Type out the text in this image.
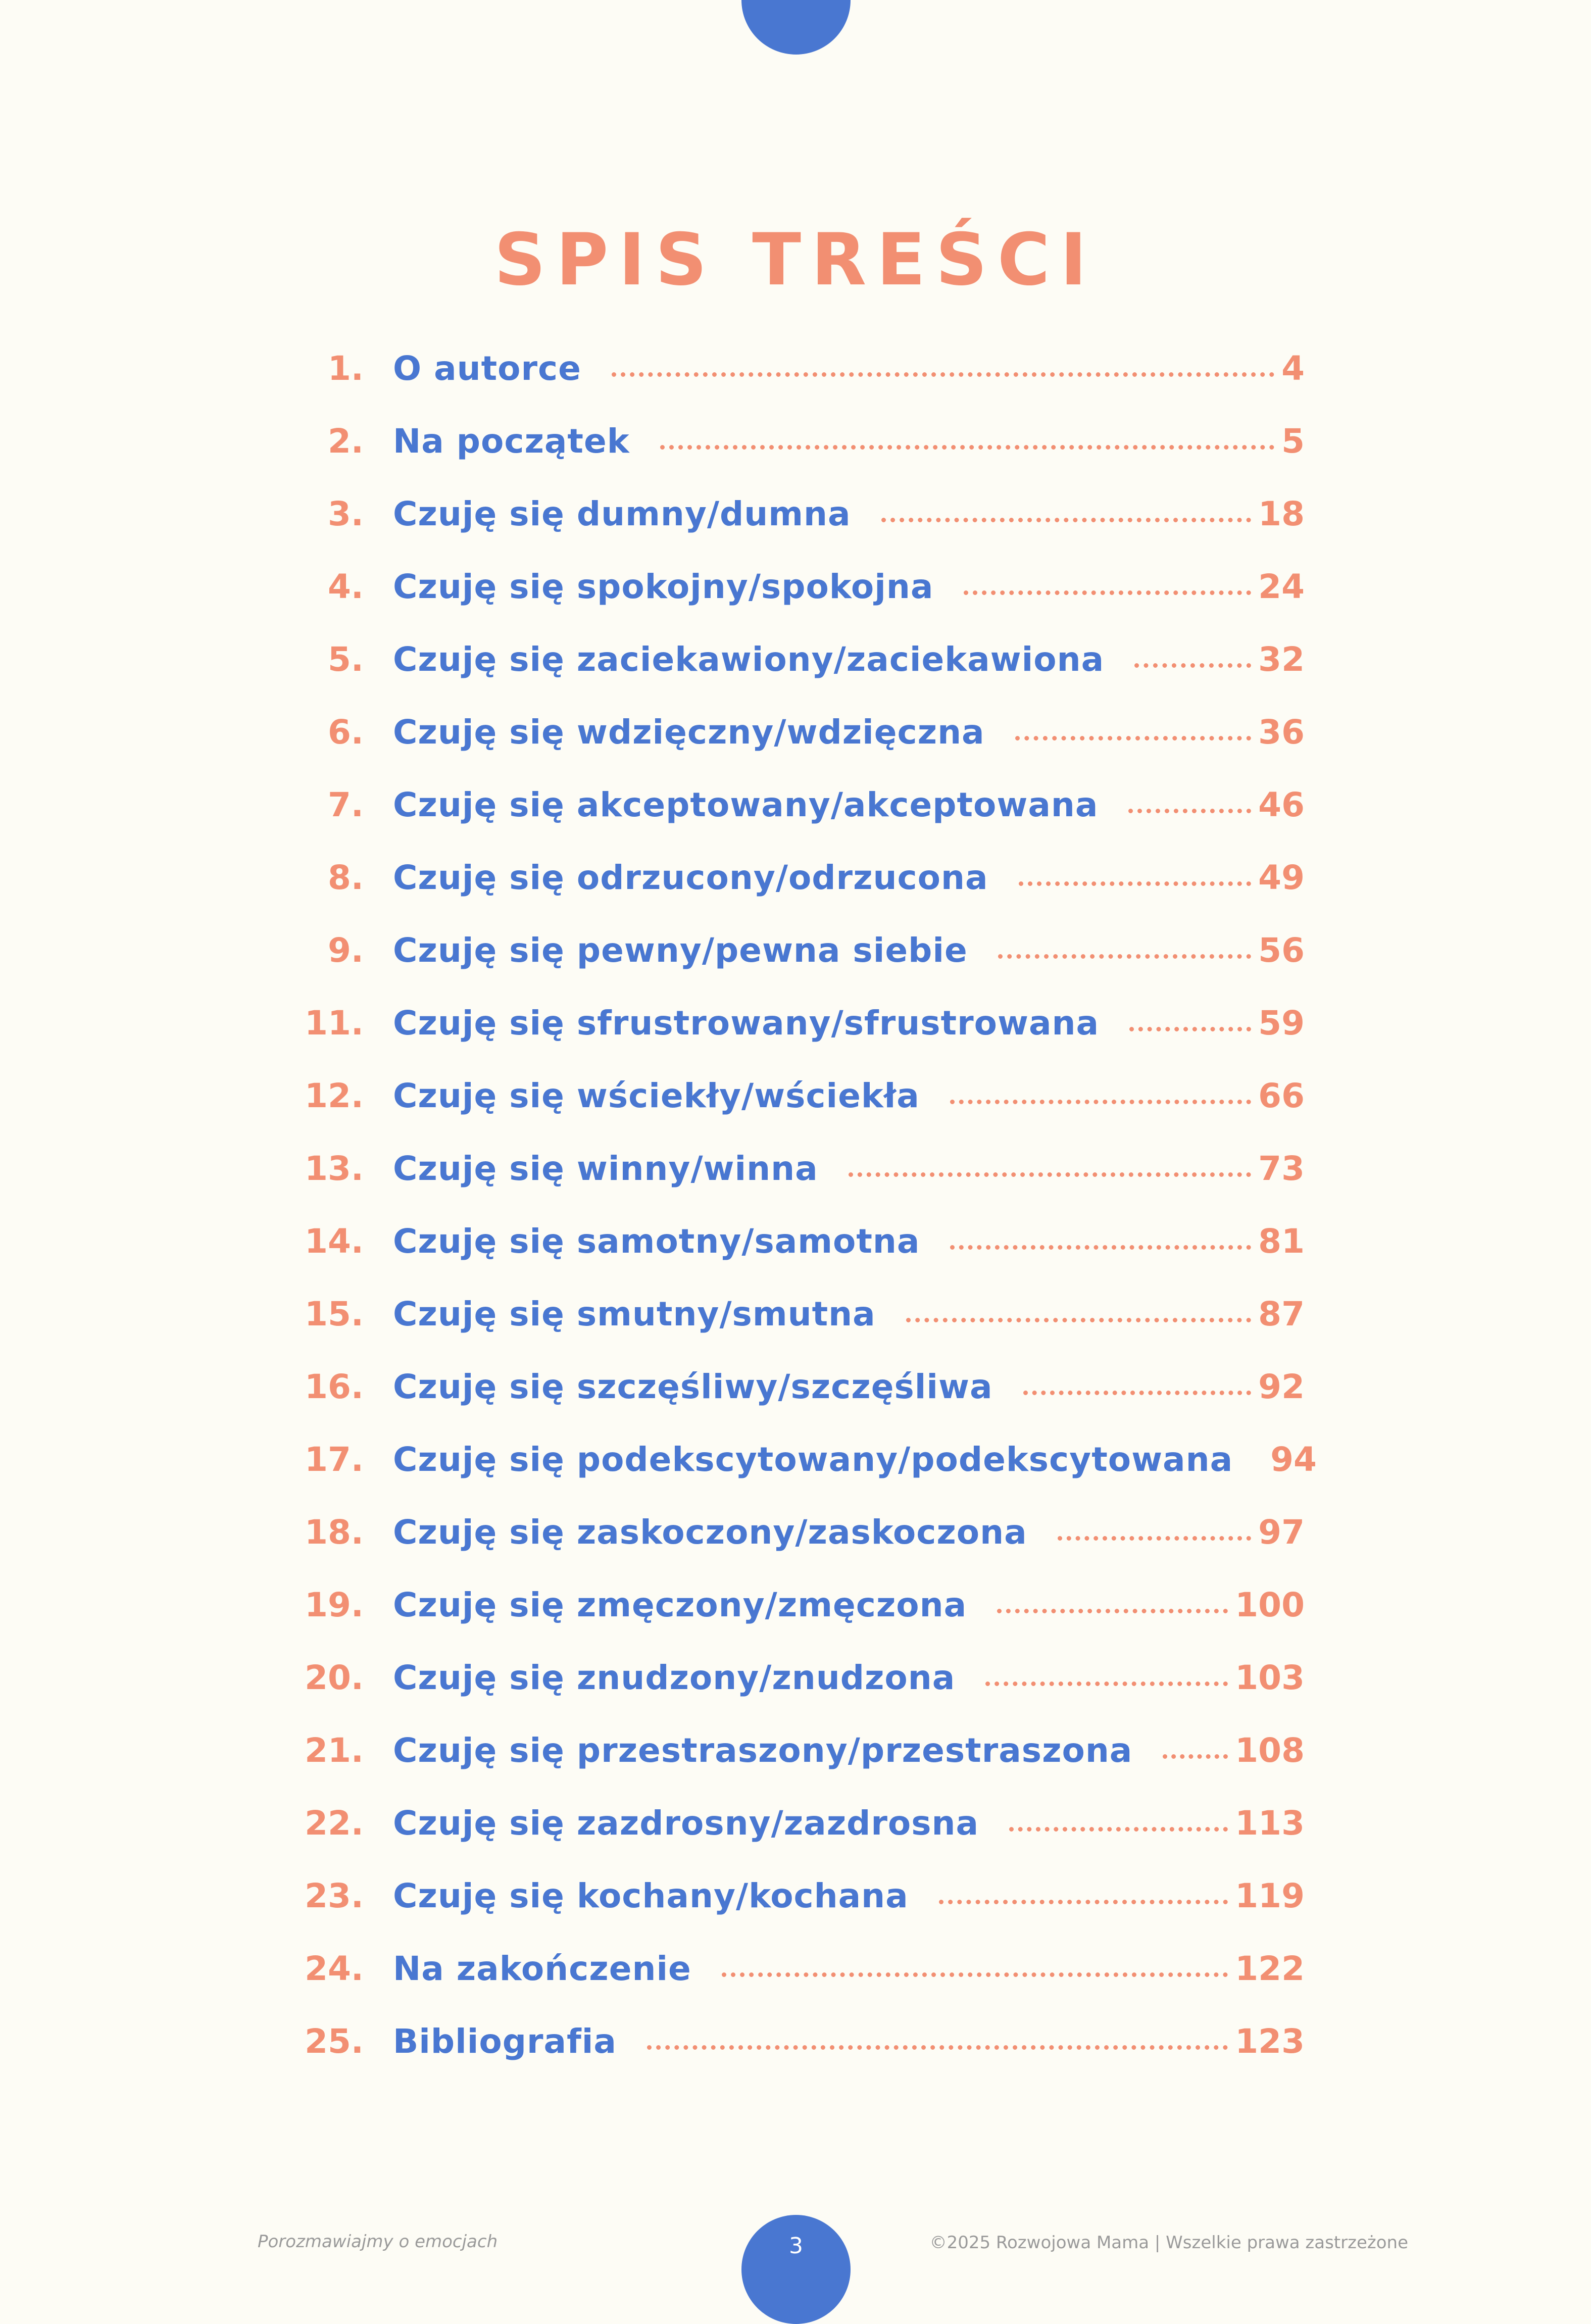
SPIS TREŚCI
1. O autorce	4
2. Na początek	5
3. Czuję się dumny/dumna	18
4. Czuję się spokojny/spokojna	24
5. Czuję się zaciekawiony/zaciekawiona	32
6. Czuję się wdzięczny/wdzięczna	36
7. Czuję się akceptowany/akceptowana	46
8. Czuję się odrzucony/odrzucona	49
9. Czuję się pewny/pewna siebie	56
11. Czuję się sfrustrowany/sfrustrowana	59
12. Czuję się wściekły/wściekła	66
13. Czuję się winny/winna	73
14. Czuję się samotny/samotna	81
15. Czuję się smutny/smutna	87
16. Czuję się szczęśliwy/szczęśliwa	92
17. Czuję się podekscytowany/podekscytowana 94
18. Czuję się zaskoczony/zaskoczona	97
19. Czuję się zmęczony/zmęczona	100
20. Czuję się znudzony/znudzona	103
21. Czuję się przestraszony/przestraszona	108
22. Czuję się zazdrosny/zazdrosna	113
23. Czuję się kochany/kochana	119
24. Na zakończenie	122
25. Bibliografia	123
Porozmawiajmy o emocjach	3	©2025 Rozwojowa Mama | Wszelkie prawa zastrzeżone
